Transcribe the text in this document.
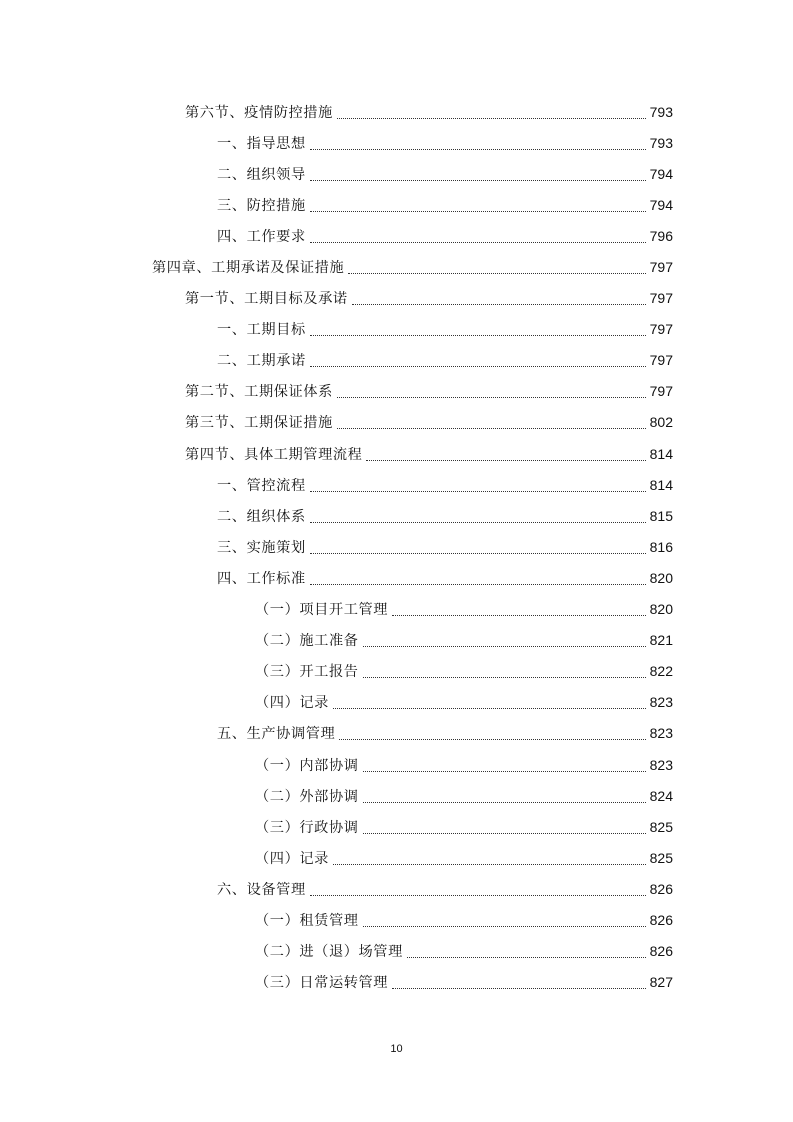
第六节、疫情防控措施	793
一、指导思想	793
二、组织领导	794
三、防控措施	794
四、工作要求	796
第四章、工期承诺及保证措施	797
第一节、工期目标及承诺	797
一、工期目标	797
二、工期承诺	797
第二节、工期保证体系	797
第三节、工期保证措施	802
第四节、具体工期管理流程	814
一、管控流程	814
二、组织体系	815
三、实施策划	816
四、工作标准	820
（一）项目开工管理	820
（二）施工准备	821
（三）开工报告	822
（四）记录	823
五、生产协调管理	823
（一）内部协调	823
（二）外部协调	824
（三）行政协调	825
（四）记录	825
六、设备管理	826
（一）租赁管理	826
（二）进（退）场管理	826
（三）日常运转管理	827
10
